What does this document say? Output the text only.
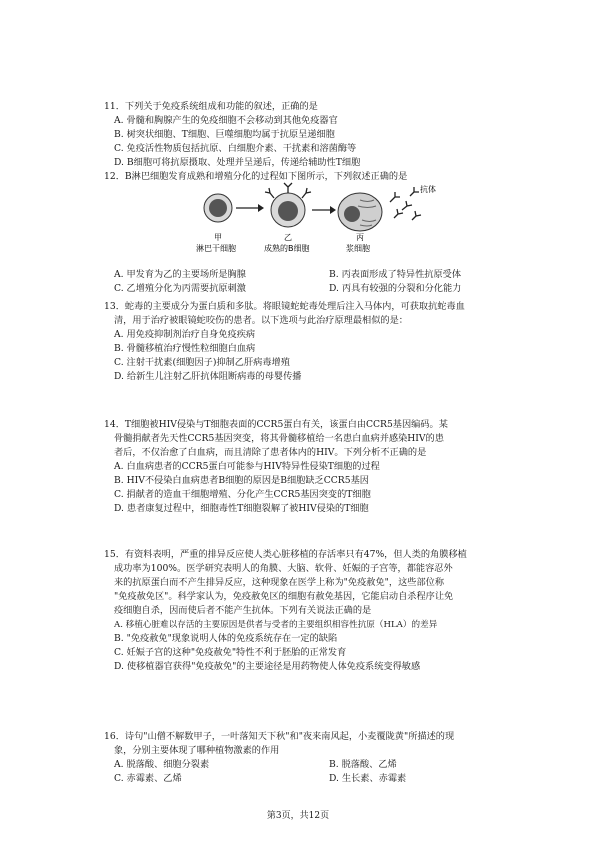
11．下列关于免疫系统组成和功能的叙述，正确的是
A. 骨髓和胸腺产生的免疫细胞不会移动到其他免疫器官
B. 树突状细胞、T细胞、巨噬细胞均属于抗原呈递细胞
C. 免疫活性物质包括抗原、白细胞介素、干扰素和溶菌酶等
D. B细胞可将抗原摄取、处理并呈递后，传递给辅助性T细胞
12．B淋巴细胞发育成熟和增殖分化的过程如下图所示，下列叙述正确的是
抗体
甲
淋巴干细胞
乙
成熟的B细胞
丙
浆细胞
A. 甲发育为乙的主要场所是胸腺	B. 丙表面形成了特异性抗原受体
C. 乙增殖分化为丙需要抗原刺激	D. 丙具有较强的分裂和分化能力
13．蛇毒的主要成分为蛋白质和多肽。将眼镜蛇蛇毒处理后注入马体内，可获取抗蛇毒血
清，用于治疗被眼镜蛇咬伤的患者。以下选项与此治疗原理最相似的是：
A. 用免疫抑制剂治疗自身免疫疾病
B. 骨髓移植治疗慢性粒细胞白血病
C. 注射干扰素(细胞因子)抑制乙肝病毒增殖
D. 给新生儿注射乙肝抗体阻断病毒的母婴传播
14．T细胞被HIV侵染与T细胞表面的CCR5蛋白有关，该蛋白由CCR5基因编码。某
骨髓捐献者先天性CCR5基因突变，将其骨髓移植给一名患白血病并感染HIV的患
者后，不仅治愈了白血病，而且清除了患者体内的HIV。下列分析不正确的是
A. 白血病患者的CCR5蛋白可能参与HIV特异性侵染T细胞的过程
B. HIV不侵染白血病患者B细胞的原因是B细胞缺乏CCR5基因
C. 捐献者的造血干细胞增殖、分化产生CCR5基因突变的T细胞
D. 患者康复过程中，细胞毒性T细胞裂解了被HIV侵染的T细胞
15．有资料表明，严重的排异反应使人类心脏移植的存活率只有47%，但人类的角膜移植
成功率为100%。医学研究表明人的角膜、大脑、软骨、妊娠的子宫等，都能容忍外
来的抗原蛋白而不产生排异反应，这种现象在医学上称为"免疫赦免"，这些部位称
"免疫赦免区"。科学家认为，免疫赦免区的细胞有赦免基因，它能启动自杀程序让免
疫细胞自杀，因而使后者不能产生抗体。下列有关说法正确的是
A. 移植心脏难以存活的主要原因是供者与受者的主要组织相容性抗原（HLA）的差异
B. "免疫赦免"现象说明人体的免疫系统存在一定的缺陷
C. 妊娠子宫的这种"免疫赦免"特性不利于胚胎的正常发育
D. 使移植器官获得"免疫赦免"的主要途径是用药物使人体免疫系统变得敏感
16．诗句"山僧不解数甲子，一叶落知天下秋"和"夜来南风起，小麦覆陇黄"所描述的现
象，分别主要体现了哪种植物激素的作用
A. 脱落酸、细胞分裂素	B. 脱落酸、乙烯
C. 赤霉素、乙烯	D. 生长素、赤霉素
第3页，共12页
